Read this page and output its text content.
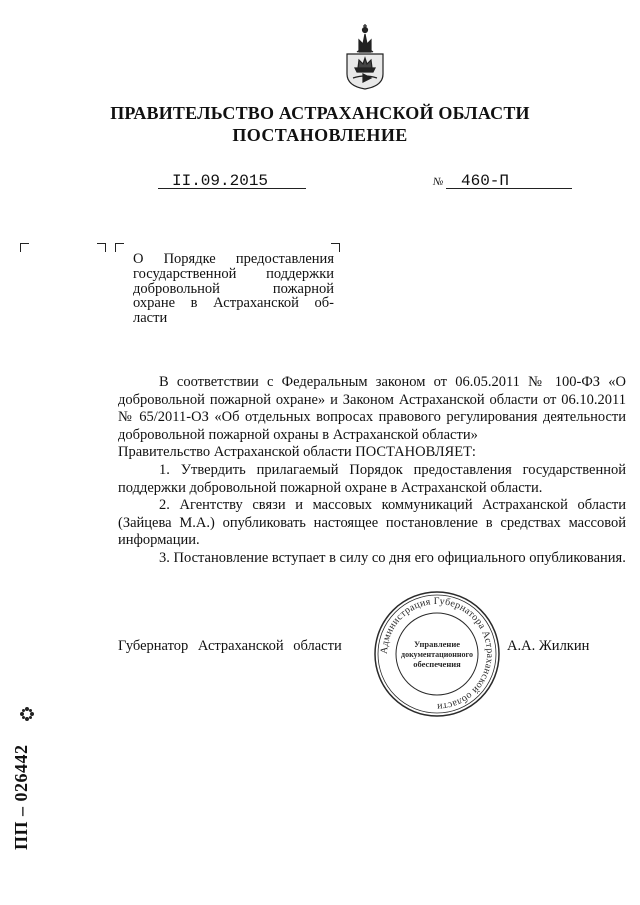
ПРАВИТЕЛЬСТВО АСТРАХАНСКОЙ ОБЛАСТИ
ПОСТАНОВЛЕНИЕ
II.09.2015	№ 460-П
О Порядке предоставления
государственной поддержки
добровольной пожарной
охране в Астраханской об-
ласти

В соответствии с Федеральным законом от 06.05.2011 № 100-ФЗ «О добровольной пожарной охране» и Законом Астраханской области от 06.10.2011 № 65/2011-ОЗ «Об отдельных вопросах правового регулирования деятельности добровольной пожарной охраны в Астраханской области»

Правительство Астраханской области ПОСТАНОВЛЯЕТ:

1. Утвердить прилагаемый Порядок предоставления государственной поддержки добровольной пожарной охране в Астраханской области.

2. Агентству связи и массовых коммуникаций Астраханской области (Зайцева М.А.) опубликовать настоящее постановление в средствах массовой информации.

3. Постановление вступает в силу со дня его официального опубликования.

Администрация Губернатора Астраханской области
Управление
документационного
обеспечения
Губернатор Астраханской области	А.А. Жилкин
ПП – 026442
